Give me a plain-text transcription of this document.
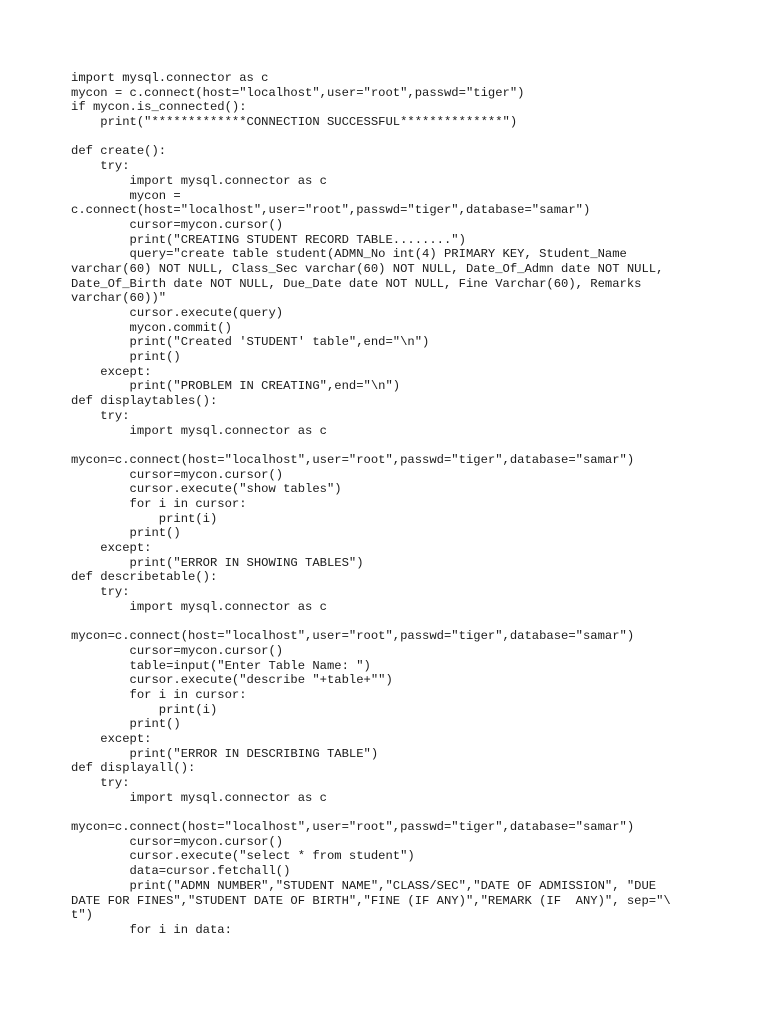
import mysql.connector as c
mycon = c.connect(host="localhost",user="root",passwd="tiger")
if mycon.is_connected():
print("*************CONNECTION SUCCESSFUL**************")
def create():
try:
import mysql.connector as c
mycon =
c.connect(host="localhost",user="root",passwd="tiger",database="samar")
cursor=mycon.cursor()
print("CREATING STUDENT RECORD TABLE........")
query="create table student(ADMN_No int(4) PRIMARY KEY, Student_Name
varchar(60) NOT NULL, Class_Sec varchar(60) NOT NULL, Date_Of_Admn date NOT NULL,
Date_Of_Birth date NOT NULL, Due_Date date NOT NULL, Fine Varchar(60), Remarks
varchar(60))"
cursor.execute(query)
mycon.commit()
print("Created 'STUDENT' table",end="\n")
print()
except:
print("PROBLEM IN CREATING",end="\n")
def displaytables():
try:
import mysql.connector as c
mycon=c.connect(host="localhost",user="root",passwd="tiger",database="samar")
cursor=mycon.cursor()
cursor.execute("show tables")
for i in cursor:
print(i)
print()
except:
print("ERROR IN SHOWING TABLES")
def describetable():
try:
import mysql.connector as c
mycon=c.connect(host="localhost",user="root",passwd="tiger",database="samar")
cursor=mycon.cursor()
table=input("Enter Table Name: ")
cursor.execute("describe "+table+"")
for i in cursor:
print(i)
print()
except:
print("ERROR IN DESCRIBING TABLE")
def displayall():
try:
import mysql.connector as c
mycon=c.connect(host="localhost",user="root",passwd="tiger",database="samar")
cursor=mycon.cursor()
cursor.execute("select * from student")
data=cursor.fetchall()
print("ADMN NUMBER","STUDENT NAME","CLASS/SEC","DATE OF ADMISSION", "DUE
DATE FOR FINES","STUDENT DATE OF BIRTH","FINE (IF ANY)","REMARK (IF  ANY)", sep="\
t")
for i in data:
